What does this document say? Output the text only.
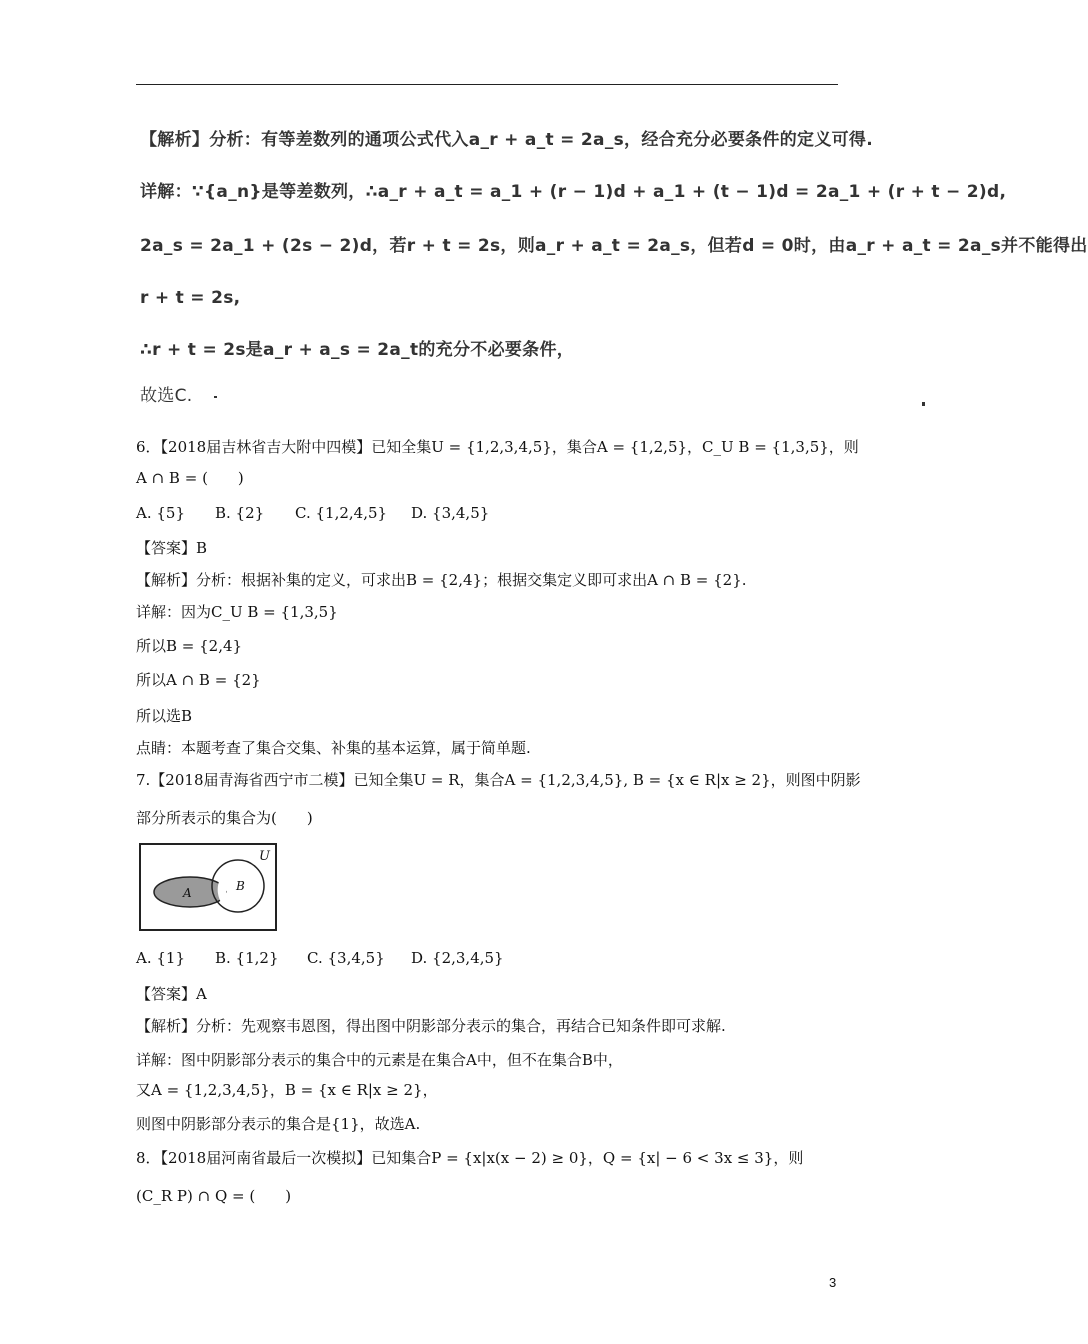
【解析】分析：有等差数列的通项公式代入a_r + a_t = 2a_s，经合充分必要条件的定义可得.
详解：∵{a_n}是等差数列，∴a_r + a_t = a_1 + (r − 1)d + a_1 + (t − 1)d = 2a_1 + (r + t − 2)d,
2a_s = 2a_1 + (2s − 2)d，若r + t = 2s，则a_r + a_t = 2a_s，但若d = 0时，由a_r + a_t = 2a_s并不能得出
r + t = 2s,
∴r + t = 2s是a_r + a_s = 2a_t的充分不必要条件，
故选C.
6．【2018届吉林省吉大附中四模】已知全集U = {1,2,3,4,5}，集合A = {1,2,5}，C_U B = {1,3,5}，则
A ∩ B = (　　)
A. {5} B. {2} C. {1,2,4,5} D. {3,4,5}
【答案】B
【解析】分析：根据补集的定义，可求出B = {2,4}；根据交集定义即可求出A ∩ B = {2}.
详解：因为C_U B = {1,3,5}
所以B = {2,4}
所以A ∩ B = {2}
所以选B
点睛：本题考查了集合交集、补集的基本运算，属于简单题.
7.【2018届青海省西宁市二模】已知全集U = R，集合A = {1,2,3,4,5}, B = {x ∈ R|x ≥ 2}，则图中阴影
部分所表示的集合为(　　)
U
A	B
A. {1} B. {1,2} C. {3,4,5} D. {2,3,4,5}
【答案】A
【解析】分析：先观察韦恩图，得出图中阴影部分表示的集合，再结合已知条件即可求解.
详解：图中阴影部分表示的集合中的元素是在集合A中，但不在集合B中，
又A = {1,2,3,4,5}，B = {x ∈ R|x ≥ 2}，
则图中阴影部分表示的集合是{1}，故选A.
8．【2018届河南省最后一次模拟】已知集合P = {x|x(x − 2) ≥ 0}，Q = {x| − 6 < 3x ≤ 3}，则
(C_R P) ∩ Q = (　　)
3
